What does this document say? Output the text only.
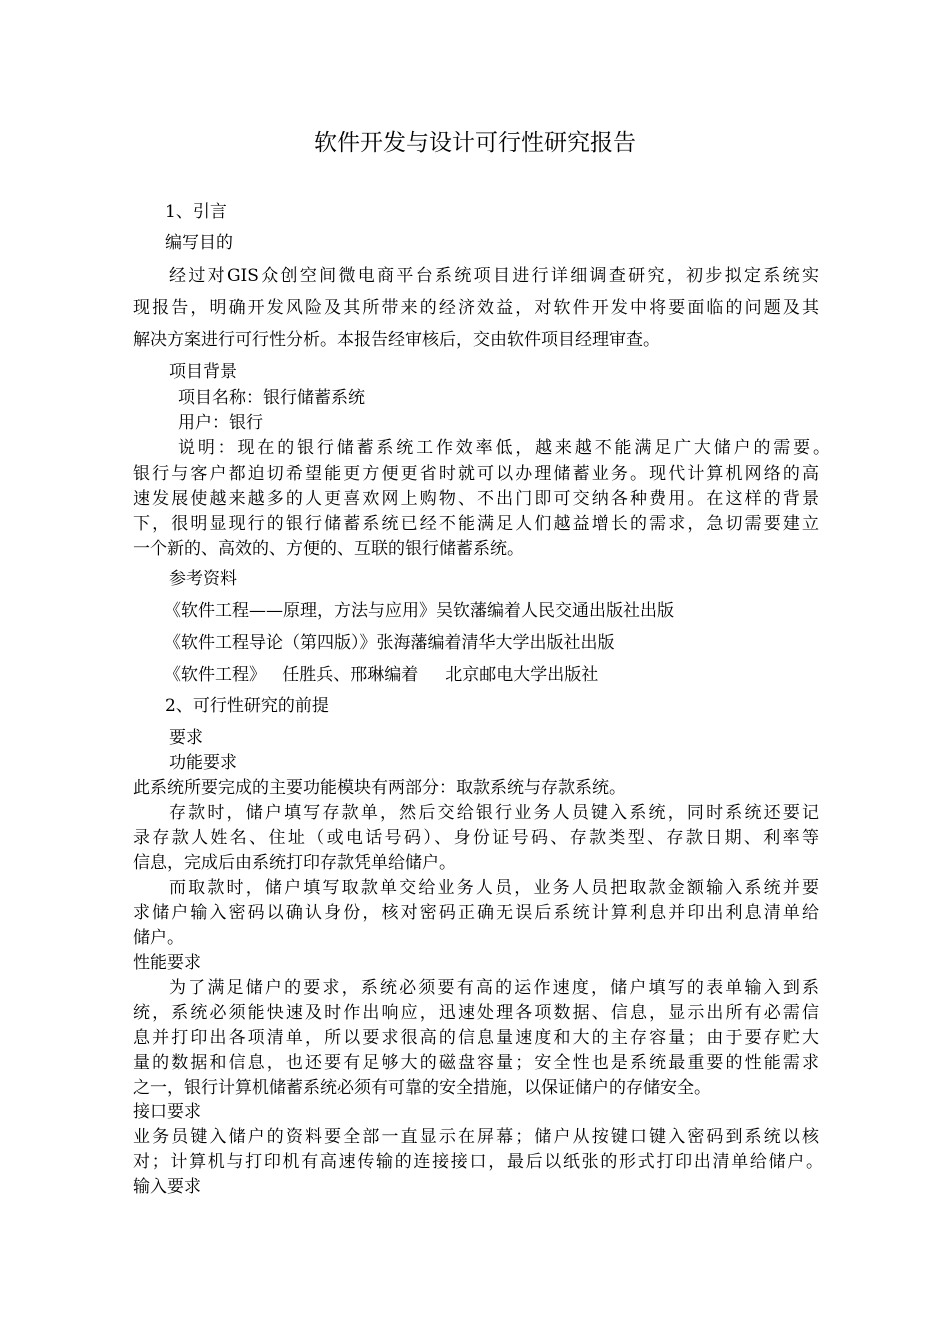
软件开发与设计可行性研究报告
1、引言
编写目的
经过对GIS众创空间微电商平台系统项目进行详细调查研究，初步拟定系统实
现报告，明确开发风险及其所带来的经济效益，对软件开发中将要面临的问题及其
解决方案进行可行性分析。本报告经审核后，交由软件项目经理审查。
项目背景
项目名称：银行储蓄系统
用户：银行
说明：现在的银行储蓄系统工作效率低，越来越不能满足广大储户的需要。
银行与客户都迫切希望能更方便更省时就可以办理储蓄业务。现代计算机网络的高
速发展使越来越多的人更喜欢网上购物、不出门即可交纳各种费用。在这样的背景
下，很明显现行的银行储蓄系统已经不能满足人们越益增长的需求，急切需要建立
一个新的、高效的、方便的、互联的银行储蓄系统。
参考资料
《软件工程——原理，方法与应用》吴钦藩编着人民交通出版社出版
《软件工程导论（第四版）》张海藩编着清华大学出版社出版
《软件工程》   任胜兵、邢琳编着     北京邮电大学出版社
2、可行性研究的前提
要求
功能要求
此系统所要完成的主要功能模块有两部分：取款系统与存款系统。
存款时，储户填写存款单，然后交给银行业务人员键入系统，同时系统还要记
录存款人姓名、住址（或电话号码）、身份证号码、存款类型、存款日期、利率等
信息，完成后由系统打印存款凭单给储户。
而取款时，储户填写取款单交给业务人员，业务人员把取款金额输入系统并要
求储户输入密码以确认身份，核对密码正确无误后系统计算利息并印出利息清单给
储户。
性能要求
为了满足储户的要求，系统必须要有高的运作速度，储户填写的表单输入到系
统，系统必须能快速及时作出响应，迅速处理各项数据、信息，显示出所有必需信
息并打印出各项清单，所以要求很高的信息量速度和大的主存容量；由于要存贮大
量的数据和信息，也还要有足够大的磁盘容量；安全性也是系统最重要的性能需求
之一，银行计算机储蓄系统必须有可靠的安全措施，以保证储户的存储安全。
接口要求
业务员键入储户的资料要全部一直显示在屏幕；储户从按键口键入密码到系统以核
对；计算机与打印机有高速传输的连接接口，最后以纸张的形式打印出清单给储户。
输入要求
